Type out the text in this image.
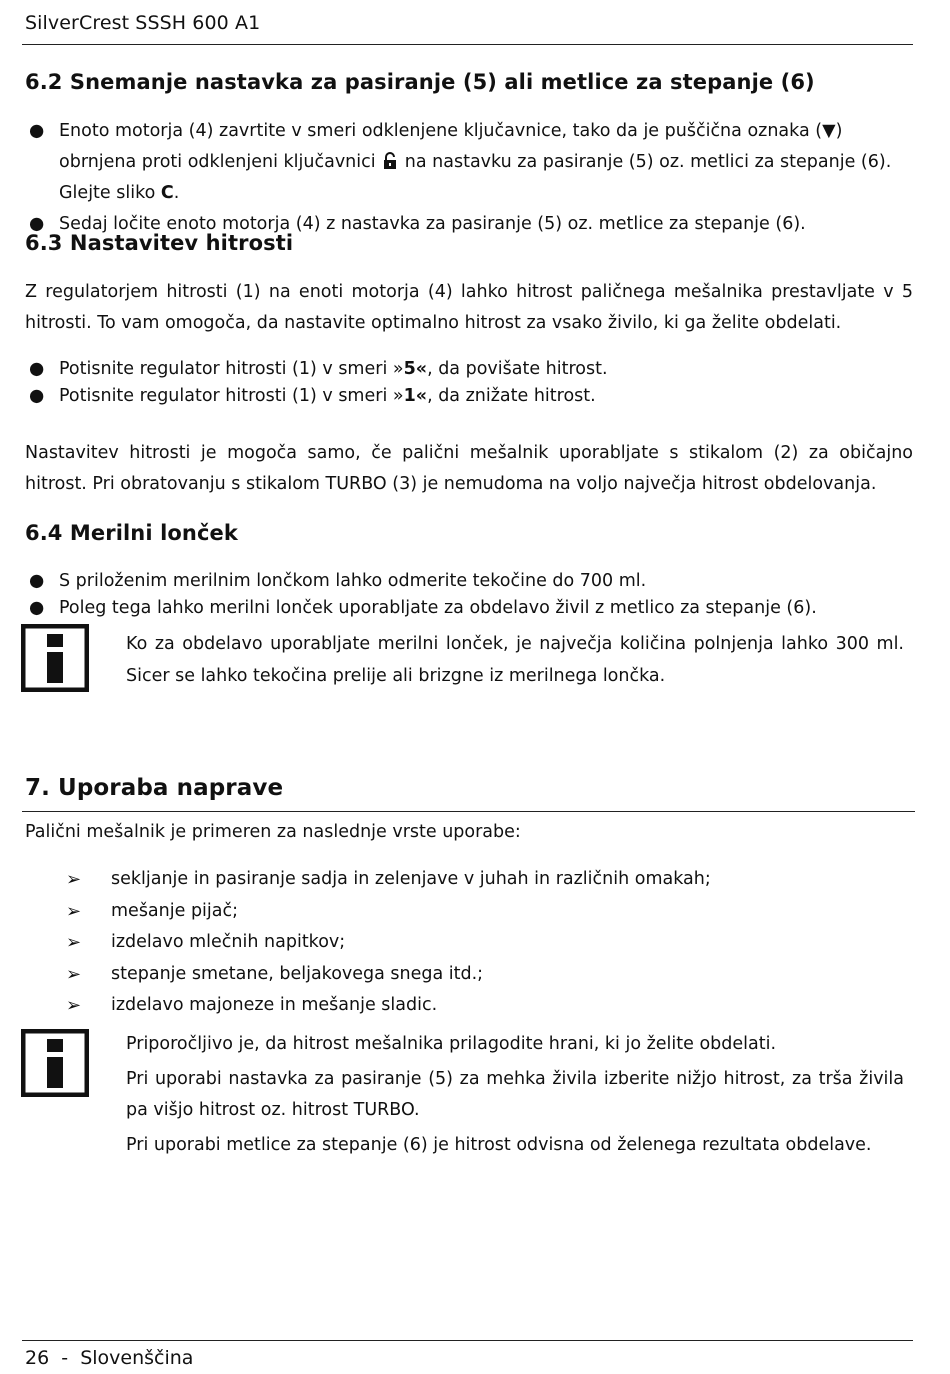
SilverCrest SSSH 600 A1
6.2 Snemanje nastavka za pasiranje (5) ali metlice za stepanje (6)
● Enoto motorja (4) zavrtite v smeri odklenjene ključavnice, tako da je puščična oznaka (▼) obrnjena proti odklenjeni ključavnici na nastavku za pasiranje (5) oz. metlici za stepanje (6). Glejte sliko C.
● Sedaj ločite enoto motorja (4) z nastavka za pasiranje (5) oz. metlice za stepanje (6).
6.3 Nastavitev hitrosti
Z regulatorjem hitrosti (1) na enoti motorja (4) lahko hitrost paličnega mešalnika prestavljate v 5 hitrosti. To vam omogoča, da nastavite optimalno hitrost za vsako živilo, ki ga želite obdelati.
● Potisnite regulator hitrosti (1) v smeri »5«, da povišate hitrost.
● Potisnite regulator hitrosti (1) v smeri »1«, da znižate hitrost.
Nastavitev hitrosti je mogoča samo, če palični mešalnik uporabljate s stikalom (2) za običajno hitrost. Pri obratovanju s stikalom TURBO (3) je nemudoma na voljo največja hitrost obdelovanja.
6.4 Merilni lonček
● S priloženim merilnim lončkom lahko odmerite tekočine do 700 ml.
● Poleg tega lahko merilni lonček uporabljate za obdelavo živil z metlico za stepanje (6).

Ko za obdelavo uporabljate merilni lonček, je največja količina polnjenja lahko 300 ml. Sicer se lahko tekočina prelije ali brizgne iz merilnega lončka.

7. Uporaba naprave
Palični mešalnik je primeren za naslednje vrste uporabe:
➢ sekljanje in pasiranje sadja in zelenjave v juhah in različnih omakah;
➢ mešanje pijač;
➢ izdelavo mlečnih napitkov;
➢ stepanje smetane, beljakovega snega itd.;
➢ izdelavo majoneze in mešanje sladic.

Priporočljivo je, da hitrost mešalnika prilagodite hrani, ki jo želite obdelati.

Pri uporabi nastavka za pasiranje (5) za mehka živila izberite nižjo hitrost, za trša živila pa višjo hitrost oz. hitrost TURBO.

Pri uporabi metlice za stepanje (6) je hitrost odvisna od želenega rezultata obdelave.

26  -  Slovenščina
